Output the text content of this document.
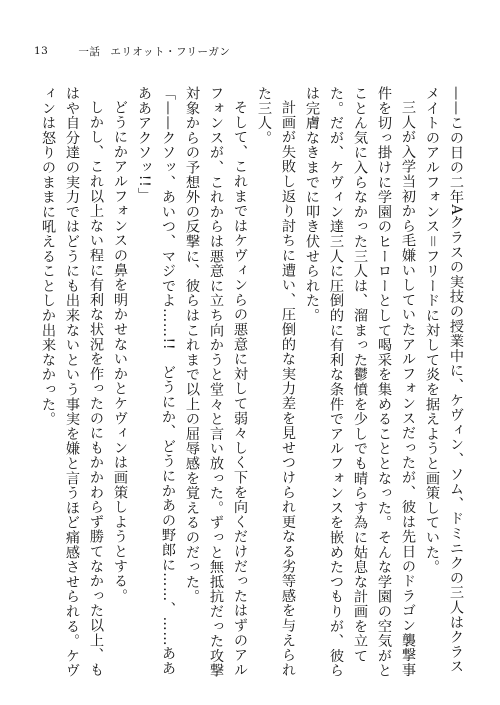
13	一話 エリオット・フリーガン

——この日の二年Aクラスの実技の授業中に、ケヴィン、ソム、ドミニクの三人はクラスメイトのアルフォンス＝フリードに対して炎を据えようと画策していた。

三人が入学当初から毛嫌いしていたアルフォンスだったが、彼は先日のドラゴン襲撃事件を切っ掛けに学園のヒーローとして喝采を集めることとなった。そんな学園の空気がとことん気に入らなかった三人は、溜まった鬱憤を少しでも晴らす為に姑息な計画を立てた。だが、ケヴィン達三人に圧倒的に有利な条件でアルフォンスを嵌めたつもりが、彼らは完膚なきまでに叩き伏せられた。

計画が失敗し返り討ちに遭い、圧倒的な実力差を見せつけられ更なる劣等感を与えられた三人。

そして、これまではケヴィンらの悪意に対して弱々しく下を向くだけだったはずのアルフォンスが、これからは悪意に立ち向かうと堂々と言い放った。ずっと無抵抗だった攻撃対象からの予想外の反撃に、彼らはこれまで以上の屈辱感を覚えるのだった。

「——クソッ、あいつ、マジでよ……!!　どうにか、どうにかあの野郎に……、……ああああアクソッ!!」

どうにかアルフォンスの鼻を明かせないかとケヴィンは画策しようとする。

しかし、これ以上ない程に有利な状況を作ったのにもかかわらず勝てなかった以上、もはや自分達の実力ではどうにも出来ないという事実を嫌と言うほど痛感させられる。ケヴィンは怒りのままに吼えることしか出来なかった。
